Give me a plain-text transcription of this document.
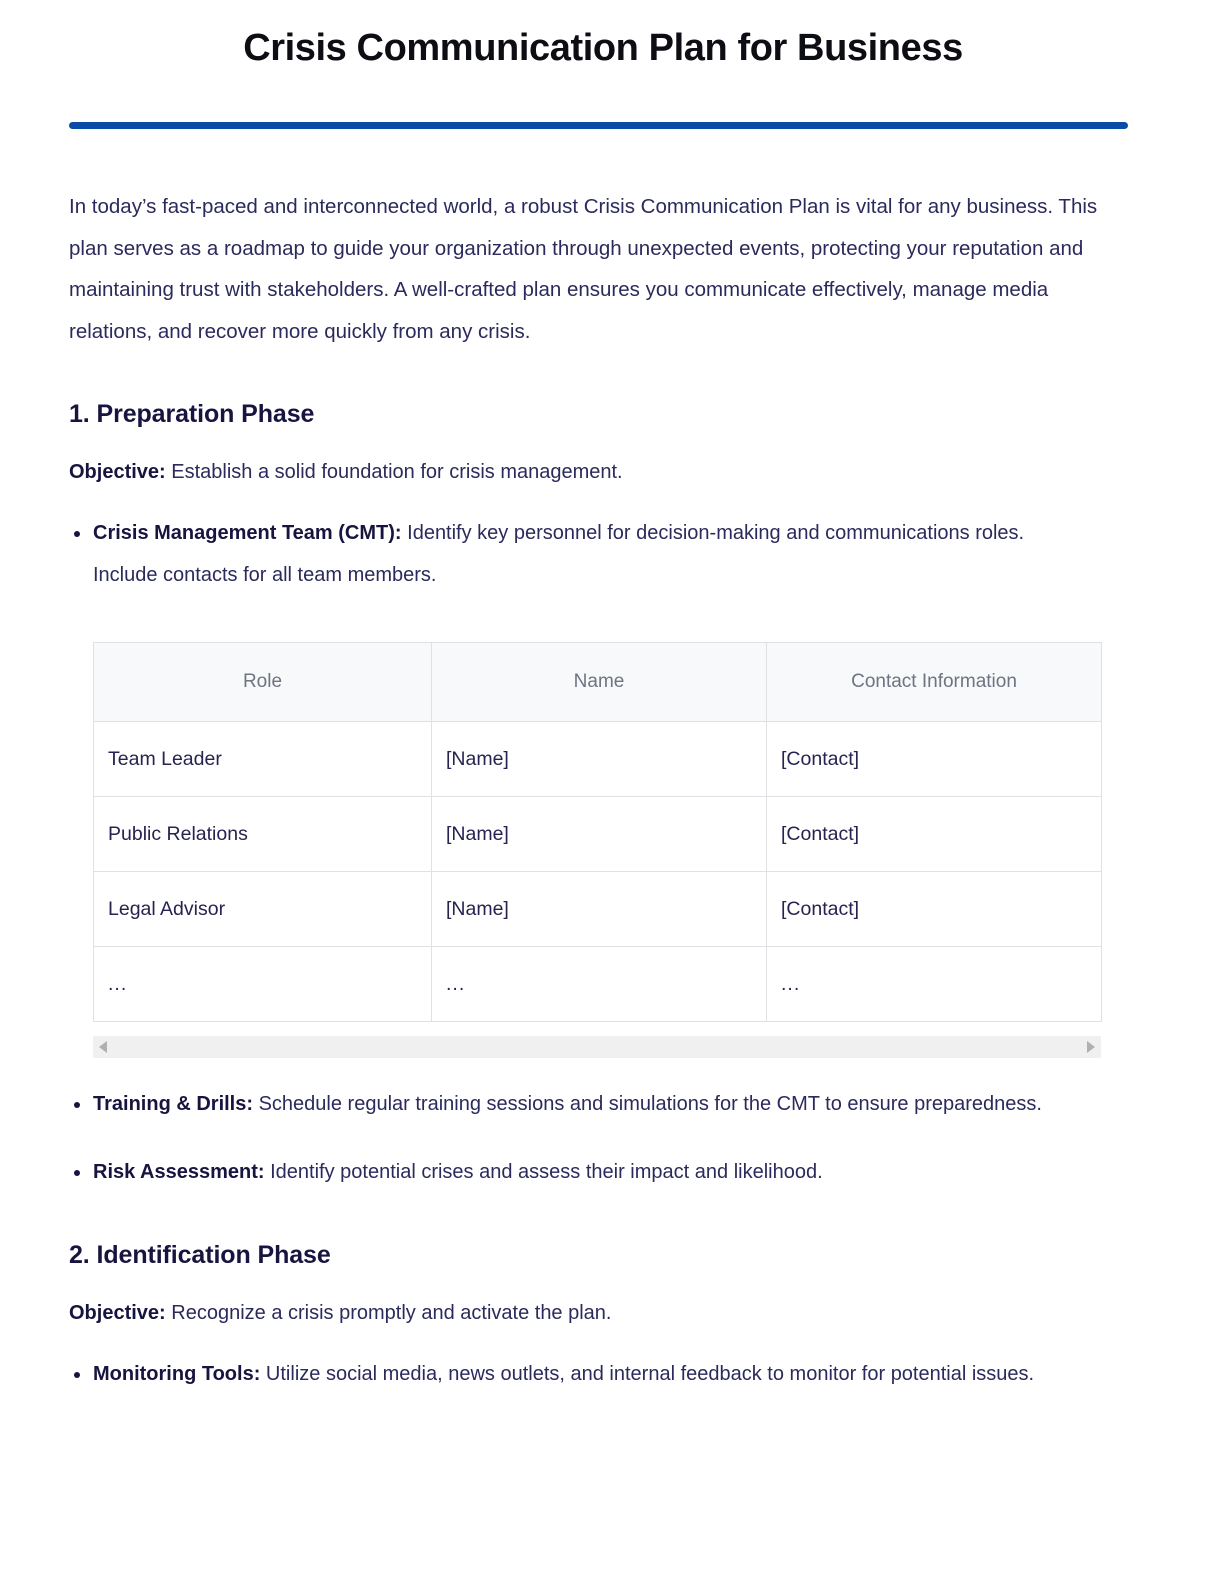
Crisis Communication Plan for Business

In today’s fast-paced and interconnected world, a robust Crisis Communication Plan is vital for any business. This plan serves as a roadmap to guide your organization through unexpected events, protecting your reputation and maintaining trust with stakeholders. A well-crafted plan ensures you communicate effectively, manage media relations, and recover more quickly from any crisis.

1. Preparation Phase

Objective: Establish a solid foundation for crisis management.

Crisis Management Team (CMT): Identify key personnel for decision-making and communications roles. Include contacts for all team members.
Role	Name	Contact Information
Team Leader	[Name]	[Contact]
Public Relations	[Name]	[Contact]
Legal Advisor	[Name]	[Contact]
...	...	...
Training & Drills: Schedule regular training sessions and simulations for the CMT to ensure preparedness.
Risk Assessment: Identify potential crises and assess their impact and likelihood.
2. Identification Phase

Objective: Recognize a crisis promptly and activate the plan.

Monitoring Tools: Utilize social media, news outlets, and internal feedback to monitor for potential issues.
